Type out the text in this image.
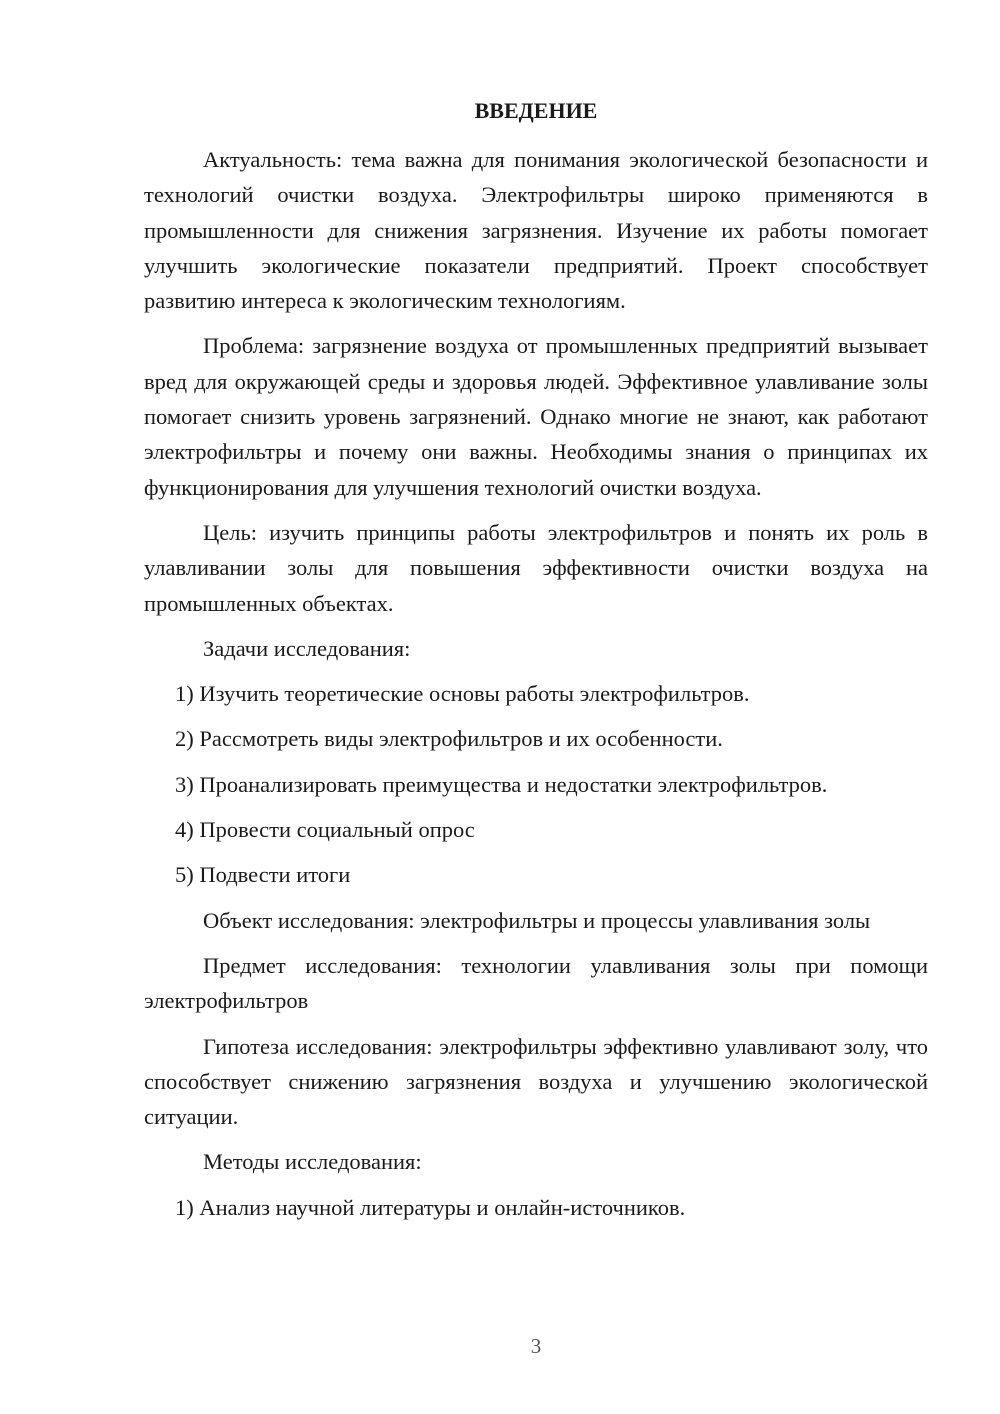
ВВЕДЕНИЕ

Актуальность: тема важна для понимания экологической безопасности и технологий очистки воздуха. Электрофильтры широко применяются в промышленности для снижения загрязнения. Изучение их работы помогает улучшить экологические показатели предприятий. Проект способствует развитию интереса к экологическим технологиям.

Проблема: загрязнение воздуха от промышленных предприятий вызывает вред для окружающей среды и здоровья людей. Эффективное улавливание золы помогает снизить уровень загрязнений. Однако многие не знают, как работают электрофильтры и почему они важны. Необходимы знания о принципах их функционирования для улучшения технологий очистки воздуха.

Цель: изучить принципы работы электрофильтров и понять их роль в улавливании золы для повышения эффективности очистки воздуха на промышленных объектах.

Задачи исследования:

1) Изучить теоретические основы работы электрофильтров.

2) Рассмотреть виды электрофильтров и их особенности.

3) Проанализировать преимущества и недостатки электрофильтров.

4) Провести социальный опрос

5) Подвести итоги

Объект исследования: электрофильтры и процессы улавливания золы

Предмет исследования: технологии улавливания золы при помощи электрофильтров

Гипотеза исследования: электрофильтры эффективно улавливают золу, что способствует снижению загрязнения воздуха и улучшению экологической ситуации.

Методы исследования:

1) Анализ научной литературы и онлайн-источников.

3
